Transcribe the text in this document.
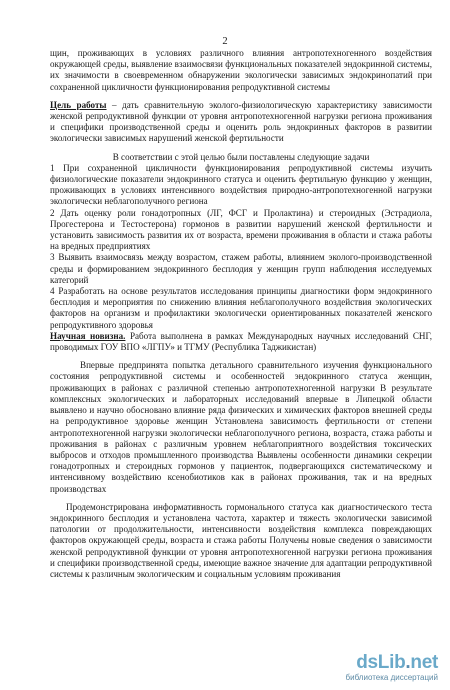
2

щин, проживающих в условиях различного влияния антропотехногенного воздействия окружающей среды, выявление взаимосвязи функциональных показателей эндокринной системы, их значимости в своевременном обнаружении экологически зависимых эндокринопатий при сохраненной цикличности функционирования репродуктивной системы

Цель работы – дать сравнительную эколого-физиологическую характеристику зависимости женской репродуктивной функции от уровня антропотехногенной нагрузки региона проживания и специфики производственной среды и оценить роль эндокринных факторов в развитии экологически зависимых нарушений женской фертильности

В соответствии с этой целью были поставлены следующие задачи

1 При сохраненной цикличности функционирования репродуктивной системы изучить физиологические показатели эндокринного статуса и оценить фертильную функцию у женщин, проживающих в условиях интенсивного воздействия природно-антропотехногенной нагрузки экологически неблагополучного региона

2 Дать оценку роли гонадотропных (ЛГ, ФСГ и Пролактина) и стероидных (Эстрадиола, Прогестерона и Тестостерона) гормонов в развитии нарушений женской фертильности и установить зависимость развития их от возраста, времени проживания в области и стажа работы на вредных предприятиях

3 Выявить взаимосвязь между возрастом, стажем работы, влиянием эколого-производственной среды и формированием эндокринного бесплодия у женщин групп наблюдения исследуемых категорий

4 Разработать на основе результатов исследования принципы диагностики форм эндокринного бесплодия и мероприятия по снижению влияния неблагополучного воздействия экологических факторов на организм и профилактики экологически ориентированных показателей женского репродуктивного здоровья

Научная новизна. Работа выполнена в рамках Международных научных исследований СНГ, проводимых ГОУ ВПО «ЛГПУ» и ТГМУ (Республика Таджикистан)

Впервые предпринята попытка детального сравнительного изучения функционального состояния репродуктивной системы и особенностей эндокринного статуса женщин, проживающих в районах с различной степенью антропотехногенной нагрузки В результате комплексных экологических и лабораторных исследований впервые в Липецкой области выявлено и научно обосновано влияние ряда физических и химических факторов внешней среды на репродуктивное здоровье женщин Установлена зависимость фертильности от степени антропотехногенной нагрузки экологически неблагополучного региона, возраста, стажа работы и проживания в районах с различным уровнем неблагоприятного воздействия токсических выбросов и отходов промышленного производства Выявлены особенности динамики секреции гонадотропных и стероидных гормонов у пациенток, подвергающихся систематическому и интенсивному воздействию ксенобиотиков как в районах проживания, так и на вредных производствах

Продемонстрирована информативность гормонального статуса как диагностического теста эндокринного бесплодия и установлена частота, характер и тяжесть экологически зависимой патологии от продолжительности, интенсивности воздействия комплекса повреждающих факторов окружающей среды, возраста и стажа работы Получены новые сведения о зависимости женской репродуктивной функции от уровня антропотехногенной нагрузки региона проживания и специфики производственной среды, имеющие важное значение для адаптации репродуктивной системы к различным экологическим и социальным условиям проживания

dsLib.net
библиотека диссертаций
